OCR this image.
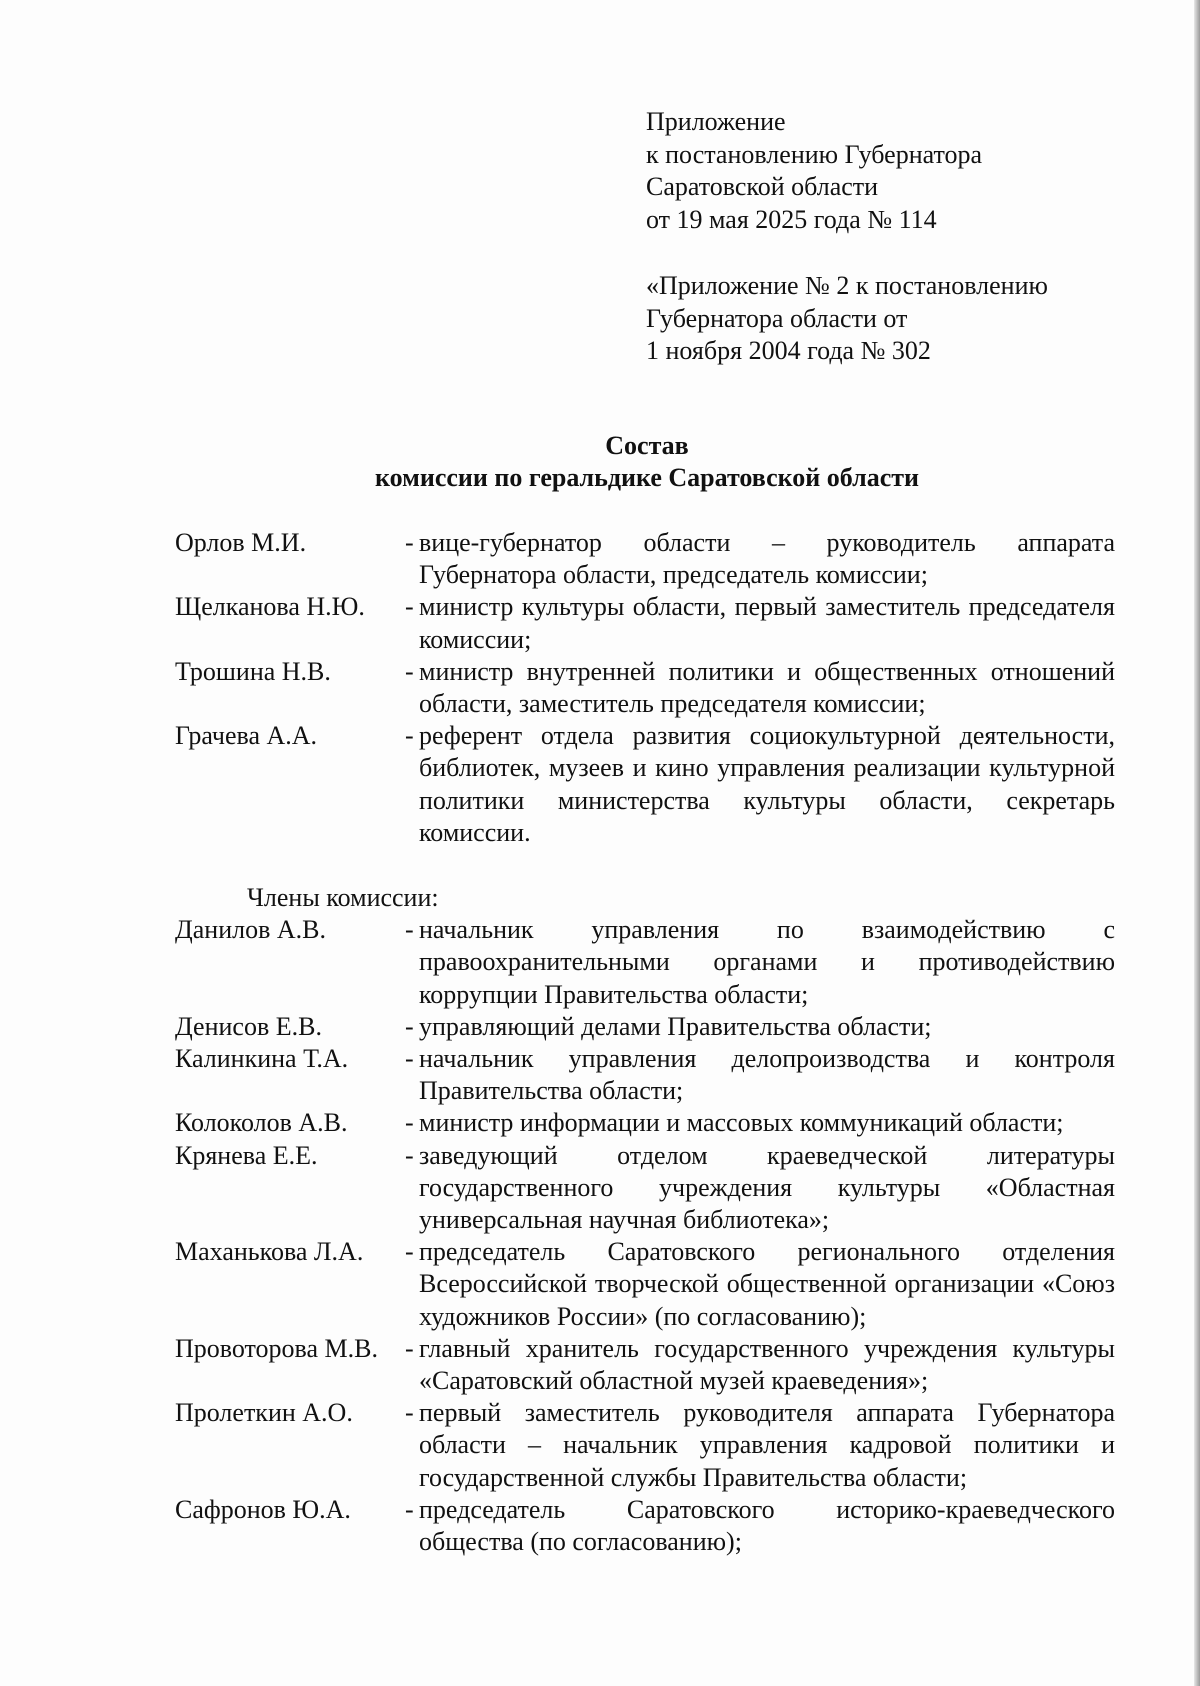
Приложение
к постановлению Губернатора
Саратовской области
от 19 мая 2025 года № 114
«Приложение № 2 к постановлению
Губернатора области от
1 ноября 2004 года № 302
Состав
комиссии по геральдике Саратовской области
Орлов М.И.	- вице-губернатор области – руководитель аппарата Губернатора области, председатель комиссии;
Щелканова Н.Ю.	- министр культуры области, первый заместитель председателя комиссии;
Трошина Н.В.	- министр внутренней политики и общественных отношений области, заместитель председателя комиссии;
Грачева А.А.	- референт отдела развития социокультурной деятельности, библиотек, музеев и кино управления реализации культурной политики министерства культуры области, секретарь комиссии.
Члены комиссии:
Данилов А.В.	- начальник управления по взаимодействию с правоохранительными органами и противодействию коррупции Правительства области;
Денисов Е.В.	- управляющий делами Правительства области;
Калинкина Т.А.	- начальник управления делопроизводства и контроля Правительства области;
Колоколов А.В.	- министр информации и массовых коммуникаций области;
Крянева Е.Е.	- заведующий отделом краеведческой литературы государственного учреждения культуры «Областная универсальная научная библиотека»;
Маханькова Л.А.	- председатель Саратовского регионального отделения Всероссийской творческой общественной организации «Союз художников России» (по согласованию);
Провоторова М.В.	- главный хранитель государственного учреждения культуры «Саратовский областной музей краеведения»;
Пролеткин А.О.	- первый заместитель руководителя аппарата Губернатора области – начальник управления кадровой политики и государственной службы Правительства области;
Сафронов Ю.А.	- председатель Саратовского историко-краеведческого общества (по согласованию);
